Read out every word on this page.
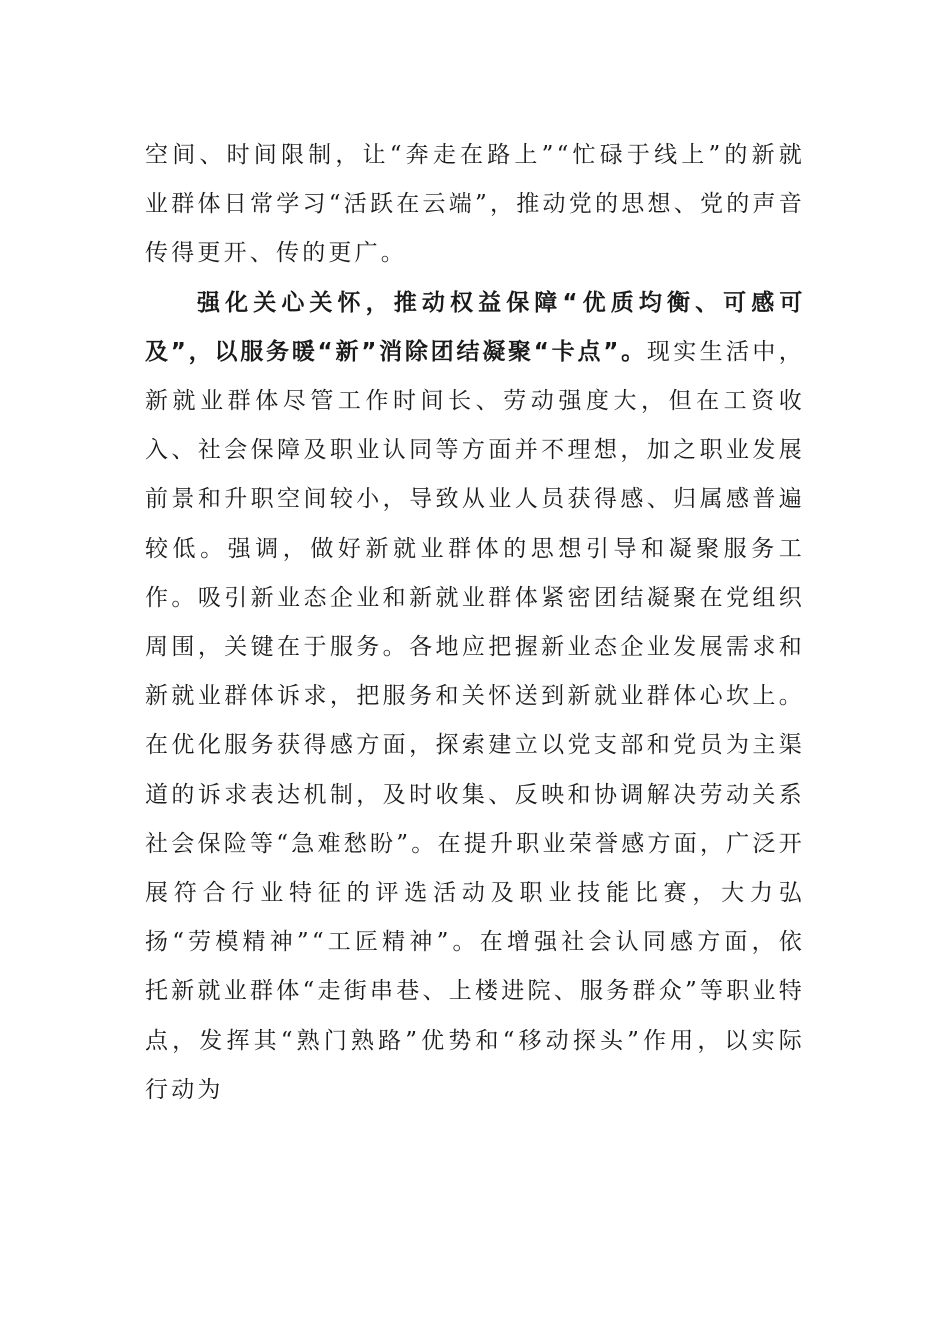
空间、时间限制，让“奔走在路上”“忙碌于线上”的新就业群体日常学习“活跃在云端”，推动党的思想、党的声音传得更开、传的更广。

强化关心关怀，推动权益保障“优质均衡、可感可及”，以服务暖“新”消除团结凝聚“卡点”。现实生活中，新就业群体尽管工作时间长、劳动强度大，但在工资收入、社会保障及职业认同等方面并不理想，加之职业发展前景和升职空间较小，导致从业人员获得感、归属感普遍较低。强调，做好新就业群体的思想引导和凝聚服务工作。吸引新业态企业和新就业群体紧密团结凝聚在党组织周围，关键在于服务。各地应把握新业态企业发展需求和新就业群体诉求，把服务和关怀送到新就业群体心坎上。在优化服务获得感方面，探索建立以党支部和党员为主渠道的诉求表达机制，及时收集、反映和协调解决劳动关系社会保险等“急难愁盼”。在提升职业荣誉感方面，广泛开展符合行业特征的评选活动及职业技能比赛，大力弘扬“劳模精神”“工匠精神”。在增强社会认同感方面，依托新就业群体“走街串巷、上楼进院、服务群众”等职业特点，发挥其“熟门熟路”优势和“移动探头”作用，以实际行动为
